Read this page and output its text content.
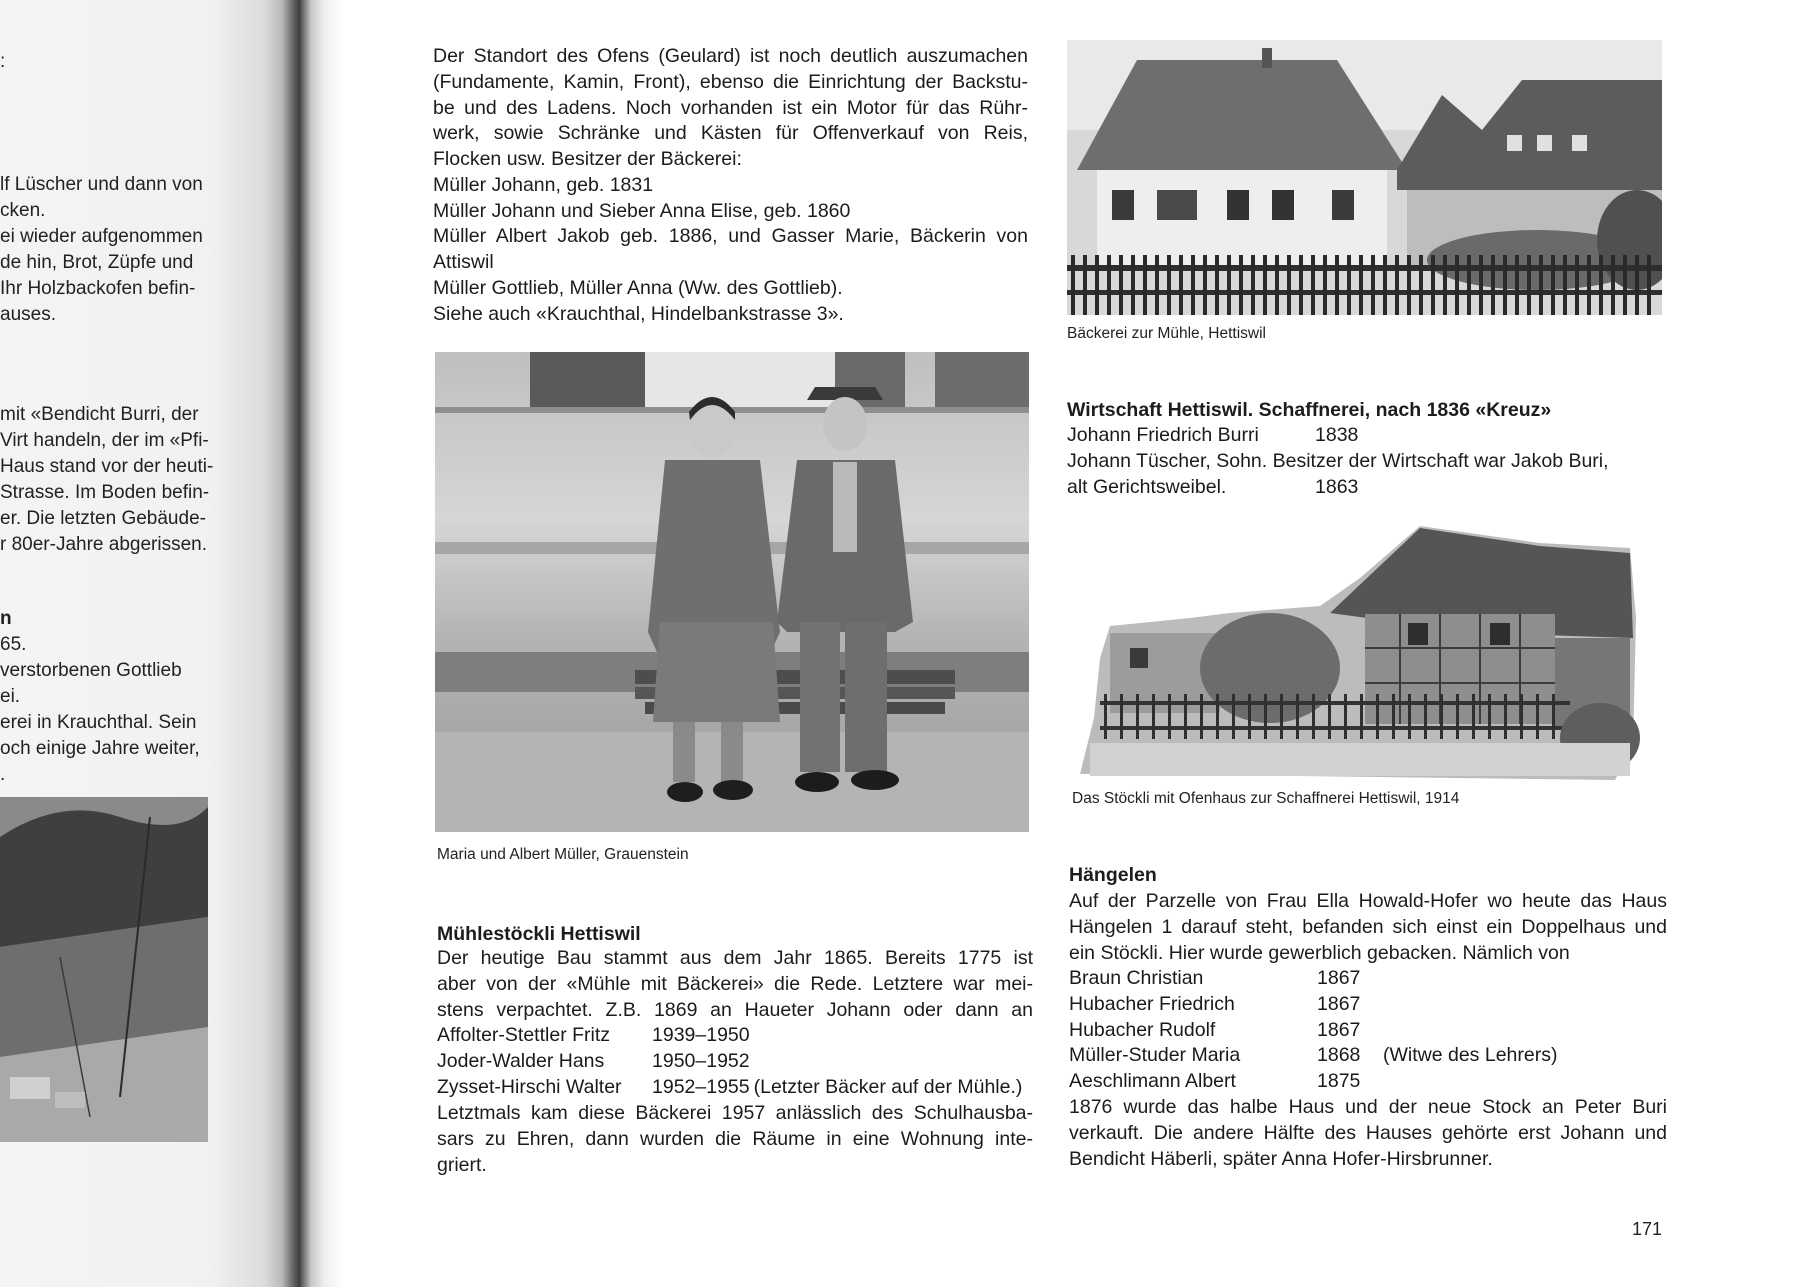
:
lf Lüscher und dann von
cken.
ei wieder aufgenommen
de hin, Brot, Züpfe und
Ihr Holzbackofen befin-
auses.
mit «Bendicht Burri, der
Virt handeln, der im «Pfi-
Haus stand vor der heuti-
Strasse. Im Boden befin-
er. Die letzten Gebäude-
r 80er-Jahre abgerissen.
n
65.
verstorbenen Gottlieb
ei.
erei in Krauchthal. Sein
och einige Jahre weiter,
.
Der Standort des Ofens (Geulard) ist noch deutlich auszumachen
(Fundamente, Kamin, Front), ebenso die Einrichtung der Backstu-
be und des Ladens. Noch vorhanden ist ein Motor für das Rühr-
werk, sowie Schränke und Kästen für Offenverkauf von Reis,
Flocken usw. Besitzer der Bäckerei:
Müller Johann, geb. 1831
Müller Johann und Sieber Anna Elise, geb. 1860
Müller Albert Jakob geb. 1886, und Gasser Marie, Bäckerin von
Attiswil
Müller Gottlieb, Müller Anna (Ww. des Gottlieb).
Siehe auch «Krauchthal, Hindelbankstrasse 3».
Maria und Albert Müller, Grauenstein
Mühlestöckli Hettiswil
Der heutige Bau stammt aus dem Jahr 1865. Bereits 1775 ist
aber von der «Mühle mit Bäckerei» die Rede. Letztere war mei-
stens verpachtet. Z.B. 1869 an Haueter Johann oder dann an
Affolter-Stettler Fritz	1939–1950	
Joder-Walder Hans	1950–1952	
Zysset-Hirschi Walter	1952–1955	(Letzter Bäcker auf der Mühle.)
Letztmals kam diese Bäckerei 1957 anlässlich des Schulhausba-
sars zu Ehren, dann wurden die Räume in eine Wohnung inte-
griert.
Bäckerei zur Mühle, Hettiswil
Wirtschaft Hettiswil. Schaffnerei, nach 1836 «Kreuz»
Johann Friedrich Burri	1838
Johann Tüscher, Sohn. Besitzer der Wirtschaft war Jakob Buri,
alt Gerichtsweibel.	1863
Das Stöckli mit Ofenhaus zur Schaffnerei Hettiswil, 1914
Hängelen
Auf der Parzelle von Frau Ella Howald-Hofer wo heute das Haus
Hängelen 1 darauf steht, befanden sich einst ein Doppelhaus und
ein Stöckli. Hier wurde gewerblich gebacken. Nämlich von
Braun Christian	1867	
Hubacher Friedrich	1867	
Hubacher Rudolf	1867	
Müller-Studer Maria	1868	(Witwe des Lehrers)
Aeschlimann Albert	1875	
1876 wurde das halbe Haus und der neue Stock an Peter Buri
verkauft. Die andere Hälfte des Hauses gehörte erst Johann und
Bendicht Häberli, später Anna Hofer-Hirsbrunner.
171
